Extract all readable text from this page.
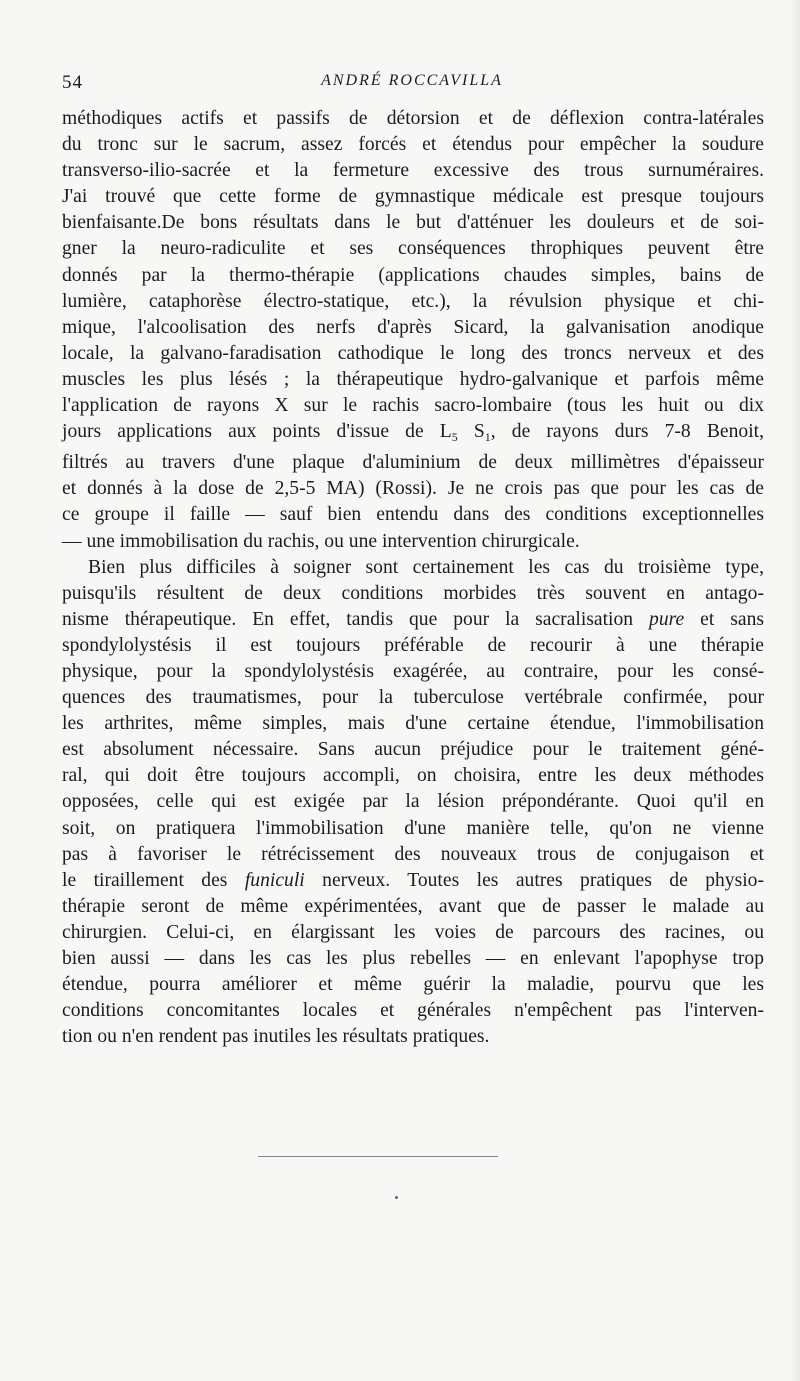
54	ANDRÉ ROCCAVILLA

méthodiques actifs et passifs de détorsion et de déflexion contra-latérales

du tronc sur le sacrum, assez forcés et étendus pour empêcher la soudure

transverso-ilio-sacrée et la fermeture excessive des trous surnuméraires.

J'ai trouvé que cette forme de gymnastique médicale est presque toujours

bienfaisante.De bons résultats dans le but d'atténuer les douleurs et de soi-

gner la neuro-radiculite et ses conséquences throphiques peuvent être

donnés par la thermo-thérapie (applications chaudes simples, bains de

lumière, cataphorèse électro-statique, etc.), la révulsion physique et chi-

mique, l'alcoolisation des nerfs d'après Sicard, la galvanisation anodique

locale, la galvano-faradisation cathodique le long des troncs nerveux et des

muscles les plus lésés ; la thérapeutique hydro-galvanique et parfois même

l'application de rayons X sur le rachis sacro-lombaire (tous les huit ou dix

jours applications aux points d'issue de $L_5$ $S_1$, de rayons durs 7-8 Benoit,

filtrés au travers d'une plaque d'aluminium de deux millimètres d'épaisseur

et donnés à la dose de 2,5-5 MA) (Rossi). Je ne crois pas que pour les cas de

ce groupe il faille — sauf bien entendu dans des conditions exceptionnelles

— une immobilisation du rachis, ou une intervention chirurgicale.

Bien plus difficiles à soigner sont certainement les cas du troisième type,

puisqu'ils résultent de deux conditions morbides très souvent en antago-

nisme thérapeutique. En effet, tandis que pour la sacralisation pure et sans

spondylolystésis il est toujours préférable de recourir à une thérapie

physique, pour la spondylolystésis exagérée, au contraire, pour les consé-

quences des traumatismes, pour la tuberculose vertébrale confirmée, pour

les arthrites, même simples, mais d'une certaine étendue, l'immobilisation

est absolument nécessaire. Sans aucun préjudice pour le traitement géné-

ral, qui doit être toujours accompli, on choisira, entre les deux méthodes

opposées, celle qui est exigée par la lésion prépondérante. Quoi qu'il en

soit, on pratiquera l'immobilisation d'une manière telle, qu'on ne vienne

pas à favoriser le rétrécissement des nouveaux trous de conjugaison et

le tiraillement des funiculi nerveux. Toutes les autres pratiques de physio-

thérapie seront de même expérimentées, avant que de passer le malade au

chirurgien. Celui-ci, en élargissant les voies de parcours des racines, ou

bien aussi — dans les cas les plus rebelles — en enlevant l'apophyse trop

étendue, pourra améliorer et même guérir la maladie, pourvu que les

conditions concomitantes locales et générales n'empêchent pas l'interven-

tion ou n'en rendent pas inutiles les résultats pratiques.
